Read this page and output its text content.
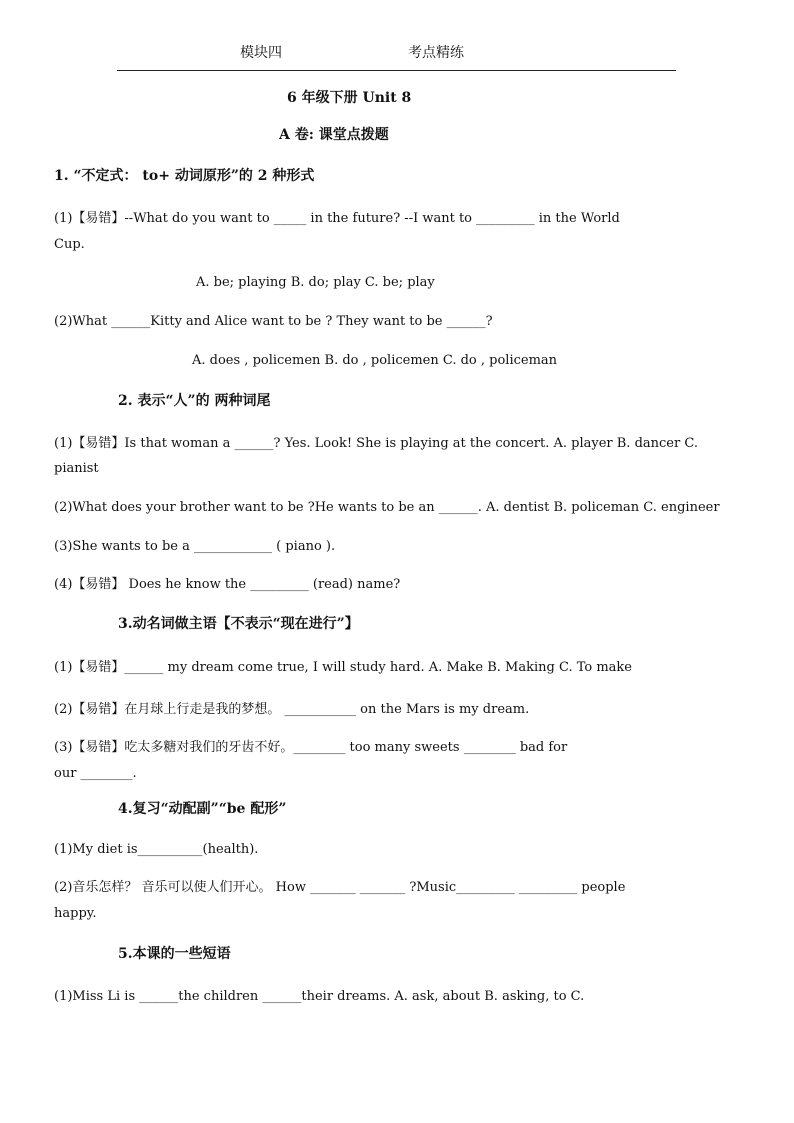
模块四	考点精练
6 年级下册 Unit 8
A 卷: 课堂点拨题
1. “不定式： to+ 动词原形”的 2 种形式
(1)【易错】--What do you want to _____ in the future? --I want to _________ in the World
Cup.
A. be; playing B. do; play C. be; play
(2)What ______Kitty and Alice want to be ? They want to be ______?
A. does , policemen B. do , policemen C. do , policeman
2. 表示“人”的 两种词尾
(1)【易错】Is that woman a ______? Yes. Look! She is playing at the concert. A. player B. dancer C.
pianist
(2)What does your brother want to be ?He wants to be an ______. A. dentist B. policeman C. engineer
(3)She wants to be a ____________ ( piano ).
(4)【易错】 Does he know the _________ (read) name?
3.动名词做主语【不表示“现在进行”】
(1)【易错】______ my dream come true, I will study hard. A. Make B. Making C. To make
(2)【易错】在月球上行走是我的梦想。 ___________ on the Mars is my dream.
(3)【易错】吃太多糖对我们的牙齿不好。________ too many sweets ________ bad for
our ________.
4.复习“动配副”“be 配形”
(1)My diet is__________(health).
(2)音乐怎样？ 音乐可以使人们开心。 How _______ _______ ?Music_________ _________ people
happy.
5.本课的一些短语
(1)Miss Li is ______the children ______their dreams. A. ask, about B. asking, to C.
